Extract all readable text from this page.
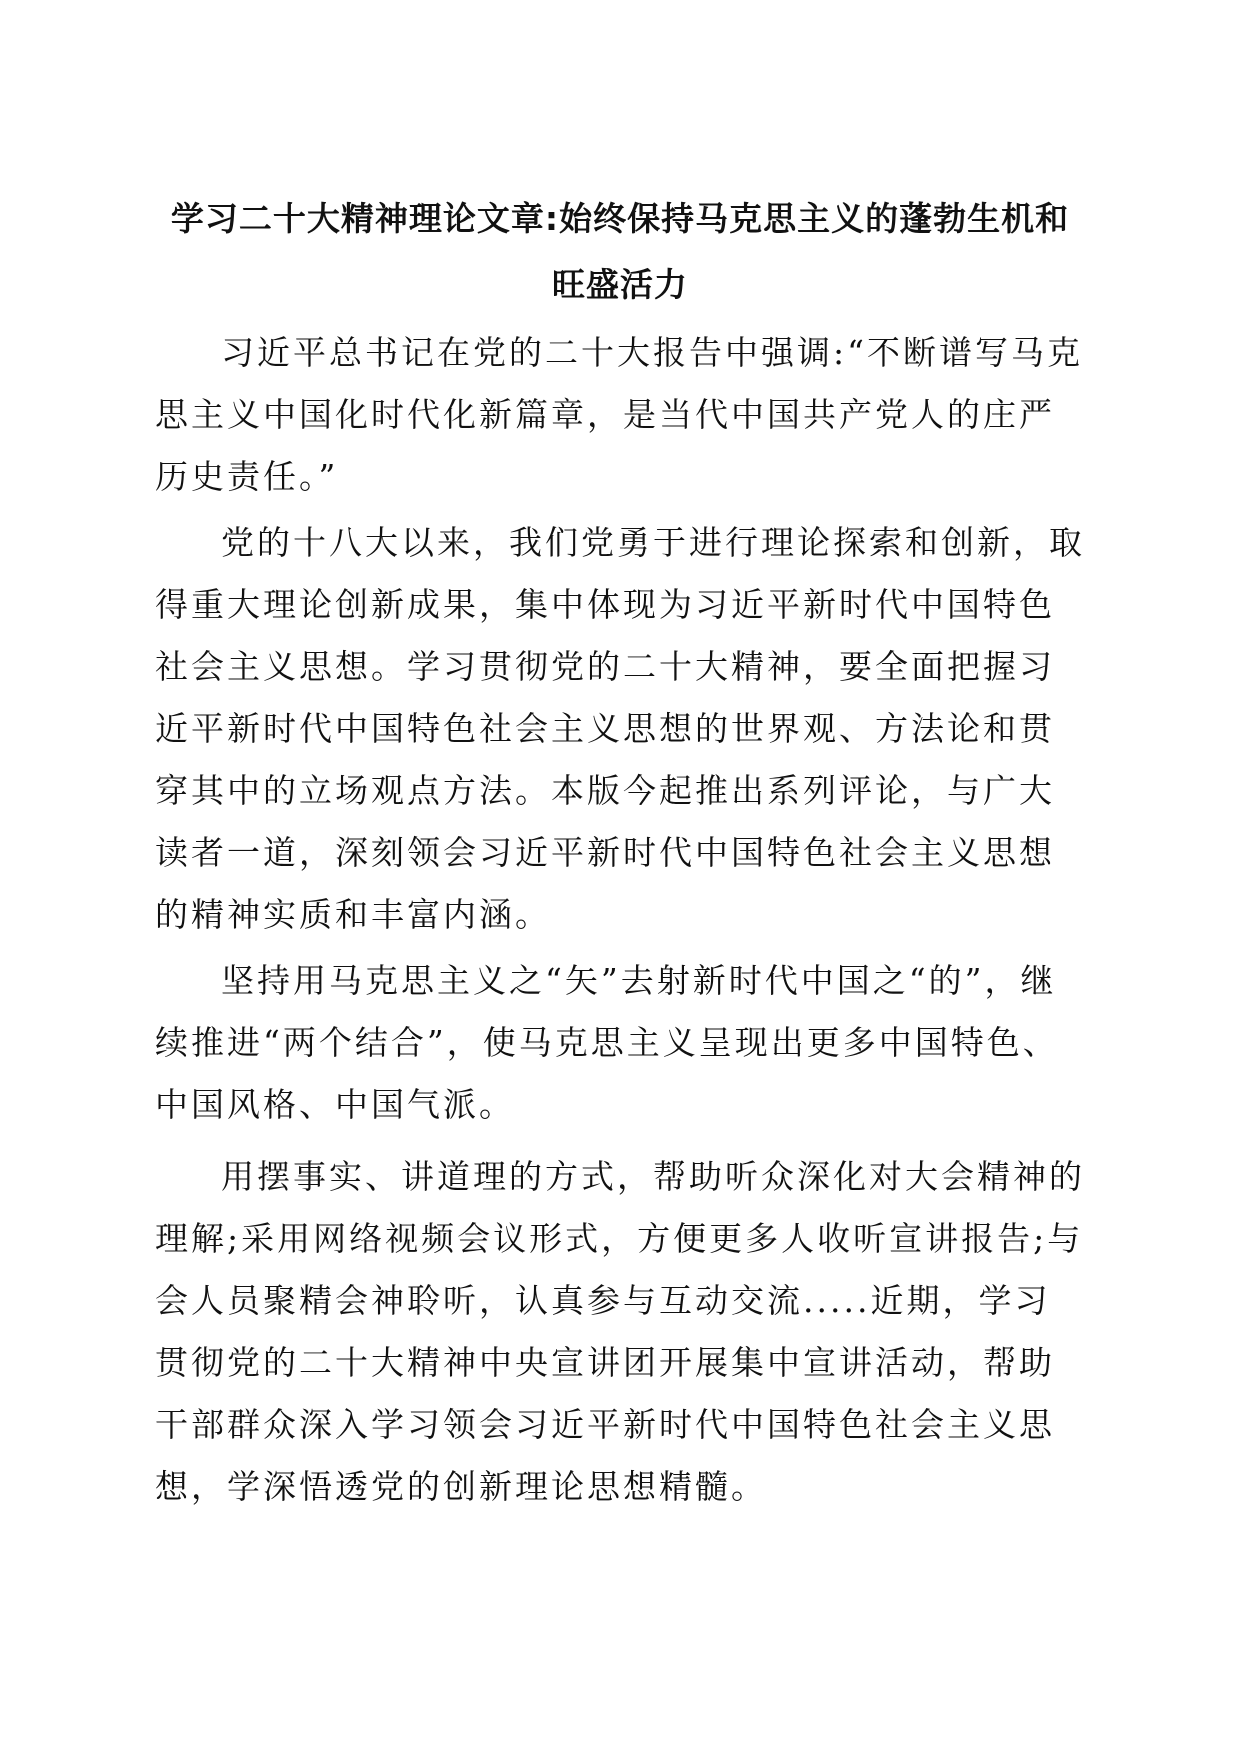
学习二十大精神理论文章:始终保持马克思主义的蓬勃生机和旺盛活力

习近平总书记在党的二十大报告中强调:“不断谱写马克思主义中国化时代化新篇章，是当代中国共产党人的庄严历史责任。”

党的十八大以来，我们党勇于进行理论探索和创新，取得重大理论创新成果，集中体现为习近平新时代中国特色社会主义思想。学习贯彻党的二十大精神，要全面把握习近平新时代中国特色社会主义思想的世界观、方法论和贯穿其中的立场观点方法。本版今起推出系列评论，与广大读者一道，深刻领会习近平新时代中国特色社会主义思想的精神实质和丰富内涵。

坚持用马克思主义之“矢”去射新时代中国之“的”，继续推进“两个结合”，使马克思主义呈现出更多中国特色、中国风格、中国气派。

用摆事实、讲道理的方式，帮助听众深化对大会精神的理解;采用网络视频会议形式，方便更多人收听宣讲报告;与会人员聚精会神聆听，认真参与互动交流.....近期，学习贯彻党的二十大精神中央宣讲团开展集中宣讲活动，帮助干部群众深入学习领会习近平新时代中国特色社会主义思想，学深悟透党的创新理论思想精髓。
